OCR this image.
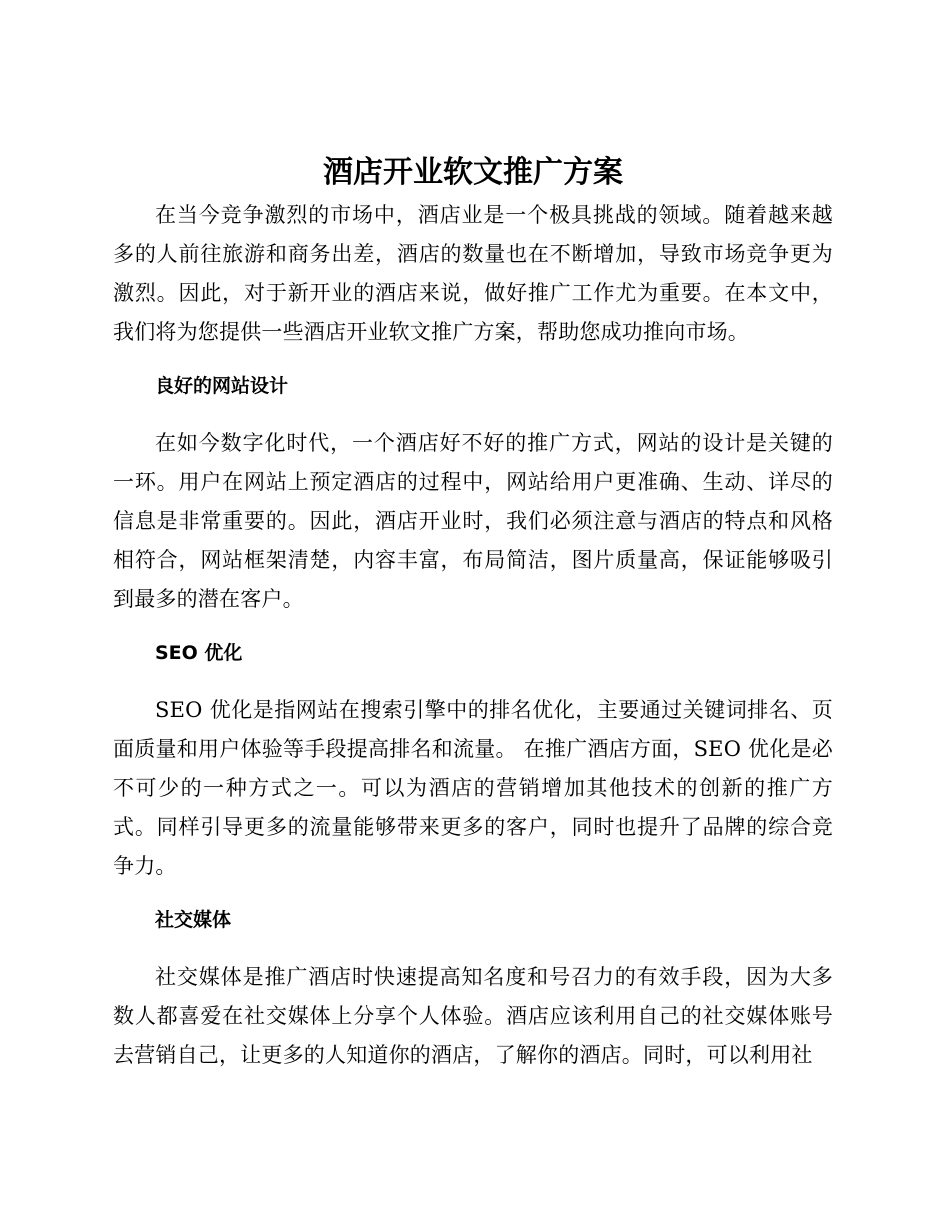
酒店开业软文推广方案

在当今竞争激烈的市场中，酒店业是一个极具挑战的领域。随着越来越多的人前往旅游和商务出差，酒店的数量也在不断增加，导致市场竞争更为激烈。因此，对于新开业的酒店来说，做好推广工作尤为重要。在本文中，我们将为您提供一些酒店开业软文推广方案，帮助您成功推向市场。

良好的网站设计

在如今数字化时代，一个酒店好不好的推广方式，网站的设计是关键的一环。用户在网站上预定酒店的过程中，网站给用户更准确、生动、详尽的信息是非常重要的。因此，酒店开业时，我们必须注意与酒店的特点和风格相符合，网站框架清楚，内容丰富，布局简洁，图片质量高，保证能够吸引到最多的潜在客户。

SEO 优化

SEO 优化是指网站在搜索引擎中的排名优化，主要通过关键词排名、页面质量和用户体验等手段提高排名和流量。 在推广酒店方面，SEO 优化是必不可少的一种方式之一。可以为酒店的营销增加其他技术的创新的推广方式。同样引导更多的流量能够带来更多的客户，同时也提升了品牌的综合竞争力。

社交媒体

社交媒体是推广酒店时快速提高知名度和号召力的有效手段，因为大多数人都喜爱在社交媒体上分享个人体验。酒店应该利用自己的社交媒体账号去营销自己，让更多的人知道你的酒店，了解你的酒店。同时，可以利用社
